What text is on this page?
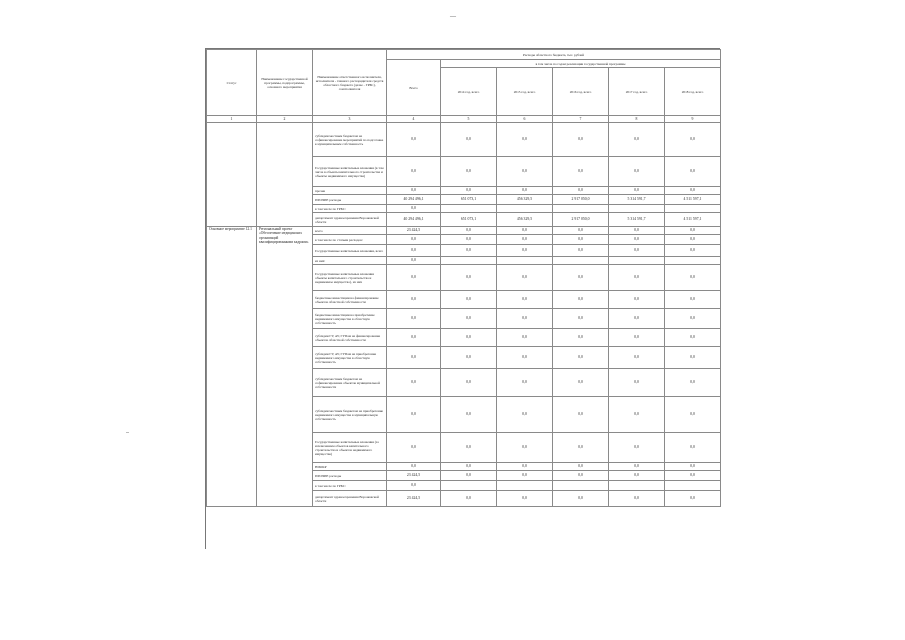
—
Статус	Наименование государственной программы, подпрограммы, основного мероприятия	Наименование ответственного исполнителя, исполнителя - главного распорядителя средств областного бюджета (далее - ГРБС), соисполнителя	Расходы областного бюджета, тыс. рублей					
			Всего	в том числе по годам реализации государственной программы				
				2014 год, всего	2015 год, всего	2016 год, всего	2017 год, всего	2018 год, всего
1	2	3	4	5	6	7	8	9
		субсидии местным бюджетам на софинансирование мероприятий по подготовке к муниципальным собственность	0,0	0,0	0,0	0,0	0,0	0,0
		Государственные капитальные вложения (в том числе в объекты капитального строительства и объекты недвижимого имущества)	0,0	0,0	0,0	0,0	0,0	0,0
		прочие	0,0	0,0	0,0	0,0	0,0	0,0
		ПРОЧИЕ расходы	40 294 496,1	651 073,1	456 329,5	2 917 050,0	5 314 591,7	4 511 597,1
		в том числе по ГРБС:	0,0					
		департамент здравоохранения Воронежской области	40 294 496,1	651 073,1	456 329,5	2 917 050,0	5 314 591,7	4 511 597,1
Основное мероприятие 12.1	Региональный проект «Обеспечение медицинских организаций квалифицированными кадрами»	всего	23 424,5	0,0	0,0	0,0	0,0	0,0
		в том числе по статьям расходов:	0,0	0,0	0,0	0,0	0,0	0,0
		Государственные капитальные вложения, всего	0,0	0,0	0,0	0,0	0,0	0,0
		из них:	0,0					
		Государственные капитальные вложения объекты капитального строительства и недвижимое имущество), из них	0,0	0,0	0,0	0,0	0,0	0,0
		бюджетные инвестиции на финансирование объектов областной собственности	0,0	0,0	0,0	0,0	0,0	0,0
		бюджетные инвестиции на приобретение недвижимого имущества в областную собственность	0,0	0,0	0,0	0,0	0,0	0,0
		субсидии ГУ, АУ, ГУПам на финансирование объектов областной собственности	0,0	0,0	0,0	0,0	0,0	0,0
		субсидии ГУ, АУ, ГУПам на приобретение недвижимого имущества в областную собственность	0,0	0,0	0,0	0,0	0,0	0,0
		субсидии местным бюджетам на софинансирование объектов муниципальной собственности	0,0	0,0	0,0	0,0	0,0	0,0
		субсидии местным бюджетам на приобретение недвижимого имущества в муниципальную собственность	0,0	0,0	0,0	0,0	0,0	0,0
		Государственные капитальные вложения (за исключением объектов капитального строительства и объектов недвижимого имущества)	0,0	0,0	0,0	0,0	0,0	0,0
		НИОКР	0,0	0,0	0,0	0,0	0,0	0,0
		ПРОЧИЕ расходы	23 424,5	0,0	0,0	0,0	0,0	0,0
		в том числе по ГРБС:	0,0					
		департамент здравоохранения Воронежской области	23 424,5	0,0	0,0	0,0	0,0	0,0
